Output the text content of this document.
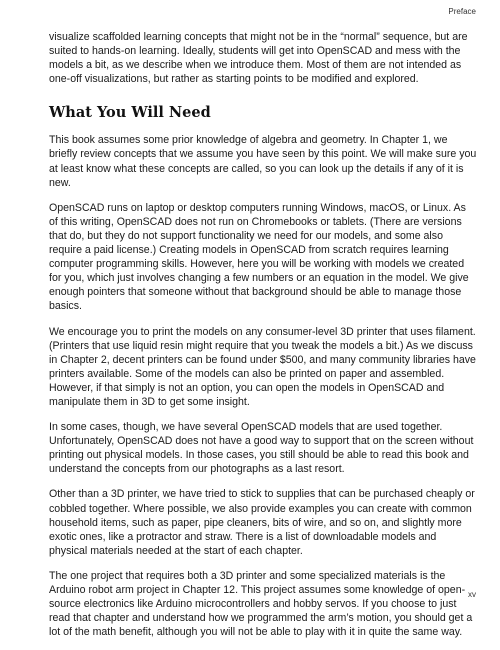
Preface

visualize scaffolded learning concepts that might not be in the “normal” sequence, but are suited to hands-on learning. Ideally, students will get into OpenSCAD and mess with the models a bit, as we describe when we introduce them. Most of them are not intended as one-off visualizations, but rather as starting points to be modified and explored.

What You Will Need

This book assumes some prior knowledge of algebra and geometry. In Chapter 1, we briefly review concepts that we assume you have seen by this point. We will make sure you at least know what these concepts are called, so you can look up the details if any of it is new.

OpenSCAD runs on laptop or desktop computers running Windows, macOS, or Linux. As of this writing, OpenSCAD does not run on Chromebooks or tablets. (There are versions that do, but they do not support functionality we need for our models, and some also require a paid license.) Creating models in OpenSCAD from scratch requires learning computer programming skills. However, here you will be working with models we created for you, which just involves changing a few numbers or an equation in the model. We give enough pointers that someone without that background should be able to manage those basics.

We encourage you to print the models on any consumer-level 3D printer that uses filament. (Printers that use liquid resin might require that you tweak the models a bit.) As we discuss in Chapter 2, decent printers can be found under $500, and many community libraries have printers available. Some of the models can also be printed on paper and assembled. However, if that simply is not an option, you can open the models in OpenSCAD and manipulate them in 3D to get some insight.

In some cases, though, we have several OpenSCAD models that are used together. Unfortunately, OpenSCAD does not have a good way to support that on the screen without printing out physical models. In those cases, you still should be able to read this book and understand the concepts from our photographs as a last resort.

Other than a 3D printer, we have tried to stick to supplies that can be purchased cheaply or cobbled together. Where possible, we also provide examples you can create with common household items, such as paper, pipe cleaners, bits of wire, and so on, and slightly more exotic ones, like a protractor and straw. There is a list of downloadable models and physical materials needed at the start of each chapter.

The one project that requires both a 3D printer and some specialized materials is the Arduino robot arm project in Chapter 12. This project assumes some knowledge of open-source electronics like Arduino microcontrollers and hobby servos. If you choose to just read that chapter and understand how we programmed the arm’s motion, you should get a lot of the math benefit, although you will not be able to play with it in quite the same way.

xv
